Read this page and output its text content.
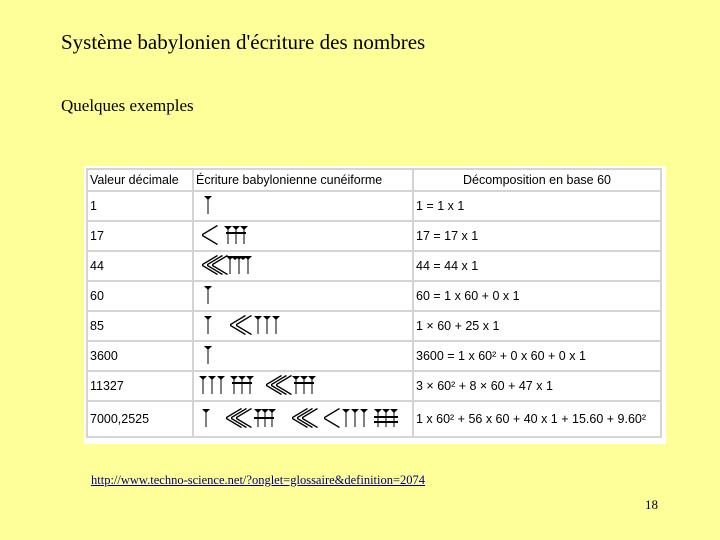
Système babylonien d'écriture des nombres
Quelques exemples
Valeur décimale	Écriture babylonienne cunéiforme	Décomposition en base 60
1		1 = 1 x 1
17		17 = 17 x 1
44		44 = 44 x 1
60		60 = 1 x 60 + 0 x 1
85		1 × 60 + 25 x 1
3600		3600 = 1 x 60² + 0 x 60 + 0 x 1
11327		3 × 60² + 8 × 60 + 47 x 1
7000,2525		1 x 60² + 56 x 60 + 40 x 1 + 15.60 + 9.60²
http://www.techno-science.net/?onglet=glossaire&definition=2074
18
